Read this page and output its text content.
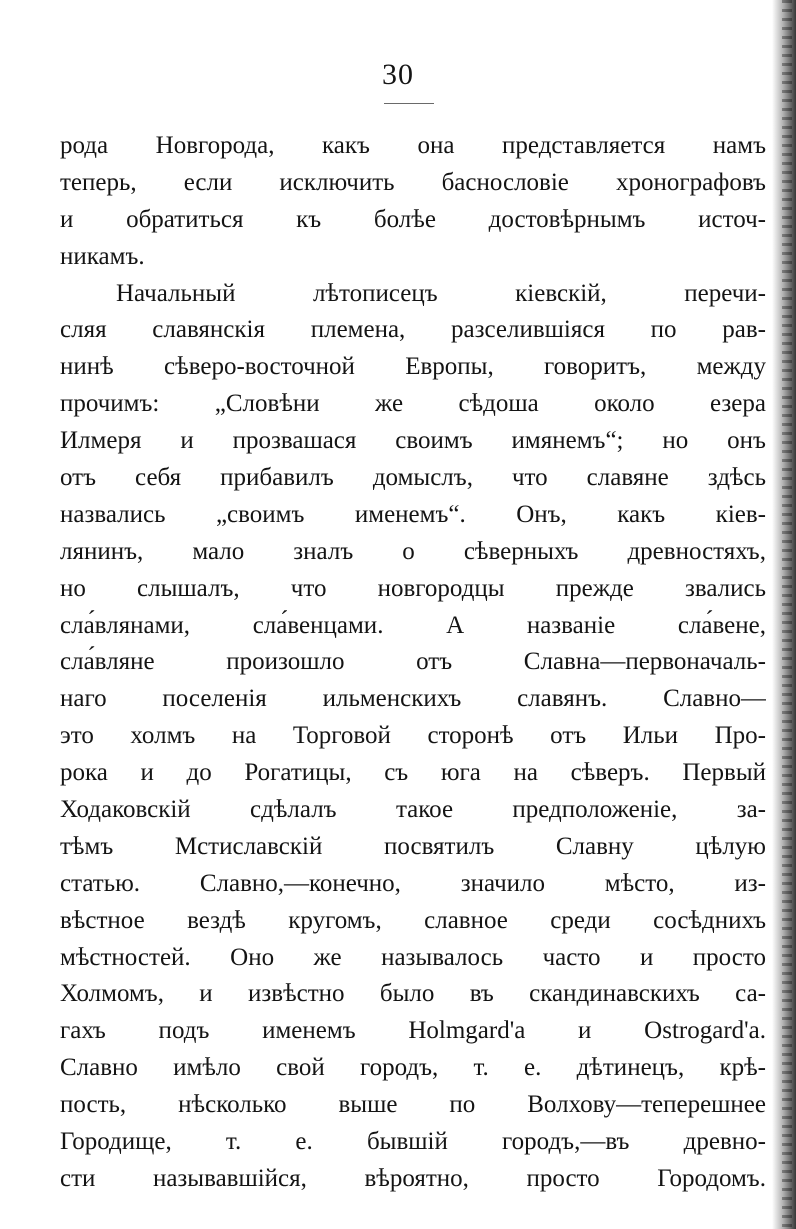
30
рода Новгорода, какъ она представляется намъ
теперь, если исключить баснословіе хронографовъ
и обратиться къ болѣе достовѣрнымъ источ-
никамъ.
Начальный лѣтописецъ кіевскій, перечи-
сляя славянскія племена, разселившіяся по рав-
нинѣ сѣверо-восточной Европы, говоритъ, между
прочимъ: „Словѣни же сѣдоша около езера
Илмеря и прозвашася своимъ имянемъ“; но онъ
отъ себя прибавилъ домыслъ, что славяне здѣсь
назвались „своимъ именемъ“. Онъ, какъ кіев-
лянинъ, мало зналъ о сѣверныхъ древностяхъ,
но слышалъ, что новгородцы прежде звались
сла́влянами, сла́венцами. А названіе сла́вене,
сла́вляне произошло отъ Славна—первоначаль-
наго поселенія ильменскихъ славянъ. Славно—
это холмъ на Торговой сторонѣ отъ Ильи Про-
рока и до Рогатицы, съ юга на сѣверъ. Первый
Ходаковскій сдѣлалъ такое предположеніе, за-
тѣмъ Мстиславскій посвятилъ Славну цѣлую
статью. Славно,—конечно, значило мѣсто, из-
вѣстное вездѣ кругомъ, славное среди сосѣднихъ
мѣстностей. Оно же называлось часто и просто
Холмомъ, и извѣстно было въ скандинавскихъ са-
гахъ подъ именемъ Holmgard'a и Ostrogard'a.
Славно имѣло свой городъ, т. е. дѣтинецъ, крѣ-
пость, нѣсколько выше по Волхову—теперешнее
Городище, т. е. бывшій городъ,—въ древно-
сти называвшійся, вѣроятно, просто Городомъ.
